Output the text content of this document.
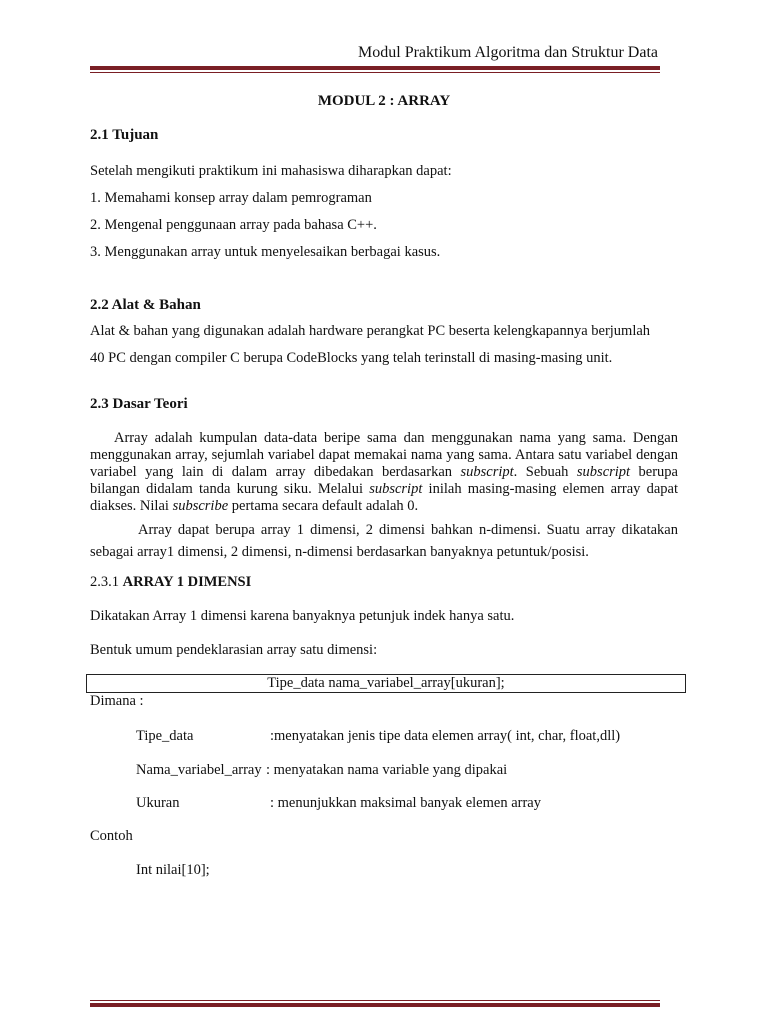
Modul Praktikum Algoritma dan Struktur Data
MODUL 2 : ARRAY
2.1 Tujuan
Setelah mengikuti praktikum ini mahasiswa diharapkan dapat:
1. Memahami konsep array dalam pemrograman
2. Mengenal penggunaan array pada bahasa C++.
3. Menggunakan array untuk menyelesaikan berbagai kasus.
2.2 Alat & Bahan
Alat & bahan yang digunakan adalah hardware perangkat PC beserta kelengkapannya berjumlah
40 PC dengan compiler C berupa CodeBlocks yang telah terinstall di masing-masing unit.
2.3 Dasar Teori
Array adalah kumpulan data-data beripe sama dan menggunakan nama yang sama. Dengan menggunakan array, sejumlah variabel dapat memakai nama yang sama. Antara satu variabel dengan variabel yang lain di dalam array dibedakan berdasarkan subscript. Sebuah subscript berupa bilangan didalam tanda kurung siku. Melalui subscript inilah masing-masing elemen array dapat diakses. Nilai subscribe pertama secara default adalah 0.
Array dapat berupa array 1 dimensi, 2 dimensi bahkan n-dimensi. Suatu array dikatakan sebagai array1 dimensi, 2 dimensi, n-dimensi berdasarkan banyaknya petuntuk/posisi.
2.3.1 ARRAY 1 DIMENSI
Dikatakan Array 1 dimensi karena banyaknya petunjuk indek hanya satu.
Bentuk umum pendeklarasian array satu dimensi:
Tipe_data nama_variabel_array[ukuran];
Dimana :
Tipe_data	:menyatakan jenis tipe data elemen array( int, char, float,dll)
Nama_variabel_array : menyatakan nama variable yang dipakai
Ukuran	: menunjukkan maksimal banyak elemen array
Contoh
Int nilai[10];
